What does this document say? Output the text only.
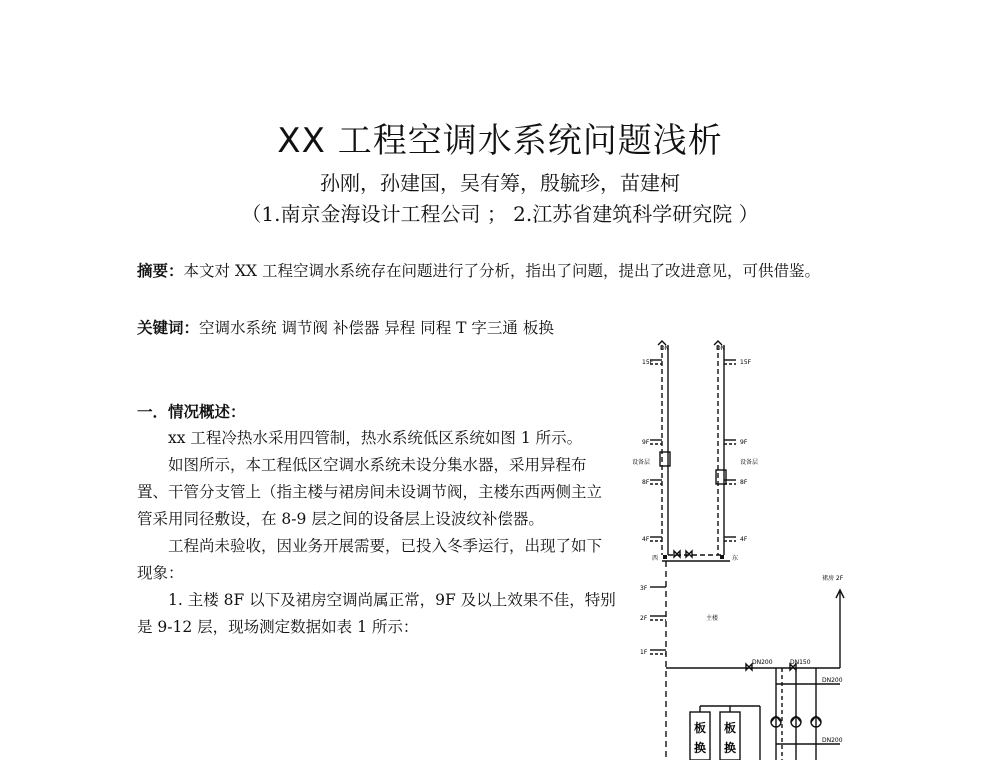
XX 工程空调水系统问题浅析
孙刚，孙建国，吴有筹，殷毓珍，苗建柯
（1.南京金海设计工程公司 ； 2.江苏省建筑科学研究院 ）

摘要：本文对 XX 工程空调水系统存在问题进行了分析，指出了问题，提出了改进意见，可供借鉴。

关键词：空调水系统 调节阀 补偿器 异程 同程 T 字三通 板换

一．情况概述：

xx 工程冷热水采用四管制，热水系统低区系统如图 1 所示。

如图所示，本工程低区空调水系统未设分集水器，采用异程布置、干管分支管上（指主楼与裙房间未设调节阀，主楼东西两侧主立管采用同径敷设，在 8-9 层之间的设备层上设波纹补偿器。

工程尚未验收，因业务开展需要，已投入冬季运行，出现了如下现象：

1. 主楼 8F 以下及裙房空调尚属正常，9F 及以上效果不佳，特别是 9-12 层，现场测定数据如表 1 所示：

15F	15F
DN	DN
9F	9F
设备层	设备层
8F	8F
4F	4F
西	东
3F
2F
1F
主楼
裙房 2F
DN200	DN150
DN200
DN200
板
换
板
换
